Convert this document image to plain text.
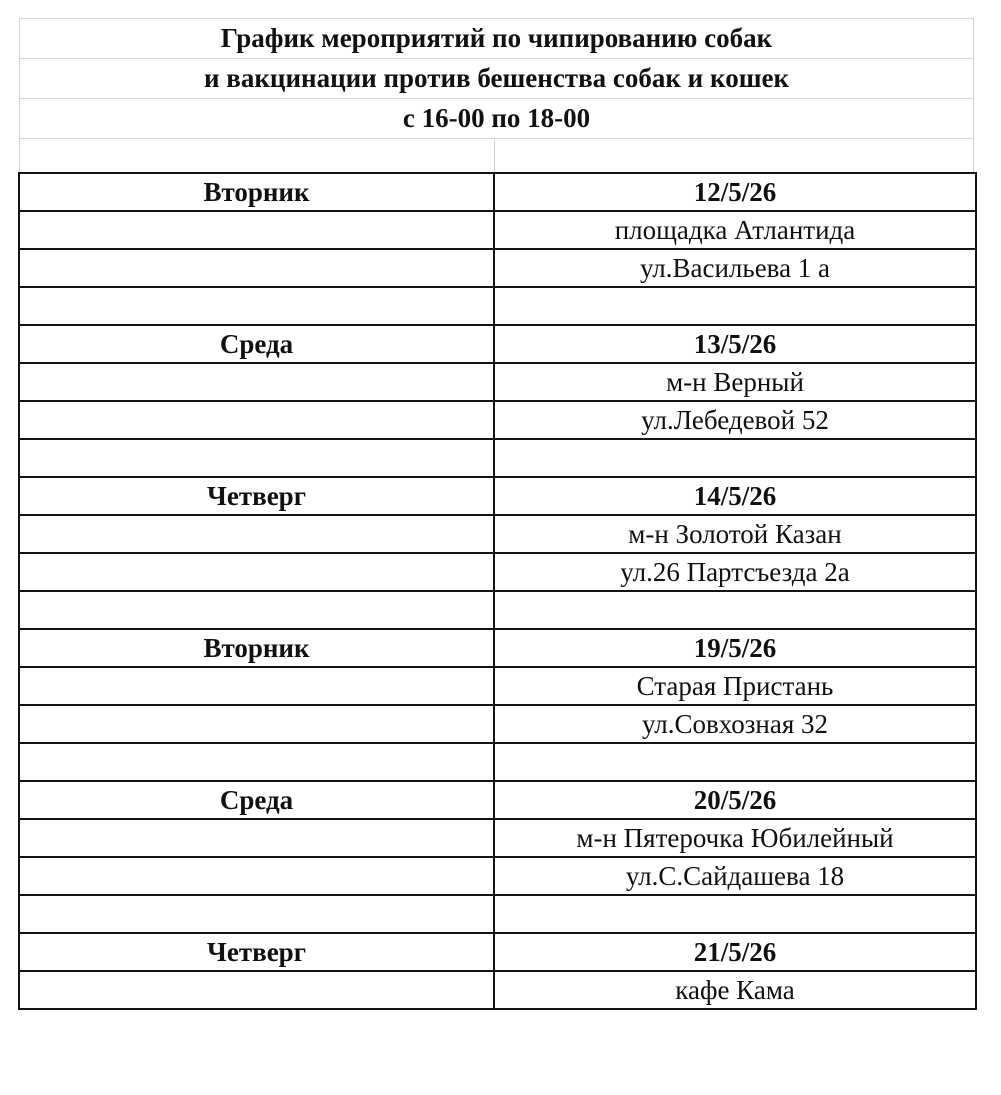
График мероприятий по чипированию собак
и вакцинации против бешенства собак и кошек
с 16-00 по 18-00
Вторник	12/5/26
	площадка Атлантида
	ул.Васильева 1 а

Среда	13/5/26
	м-н Верный
	ул.Лебедевой 52

Четверг	14/5/26
	м-н Золотой Казан
	ул.26 Партсъезда 2а

Вторник	19/5/26
	Старая Пристань
	ул.Совхозная 32

Среда	20/5/26
	м-н Пятерочка Юбилейный
	ул.С.Сайдашева 18

Четверг	21/5/26
	кафе Кама
